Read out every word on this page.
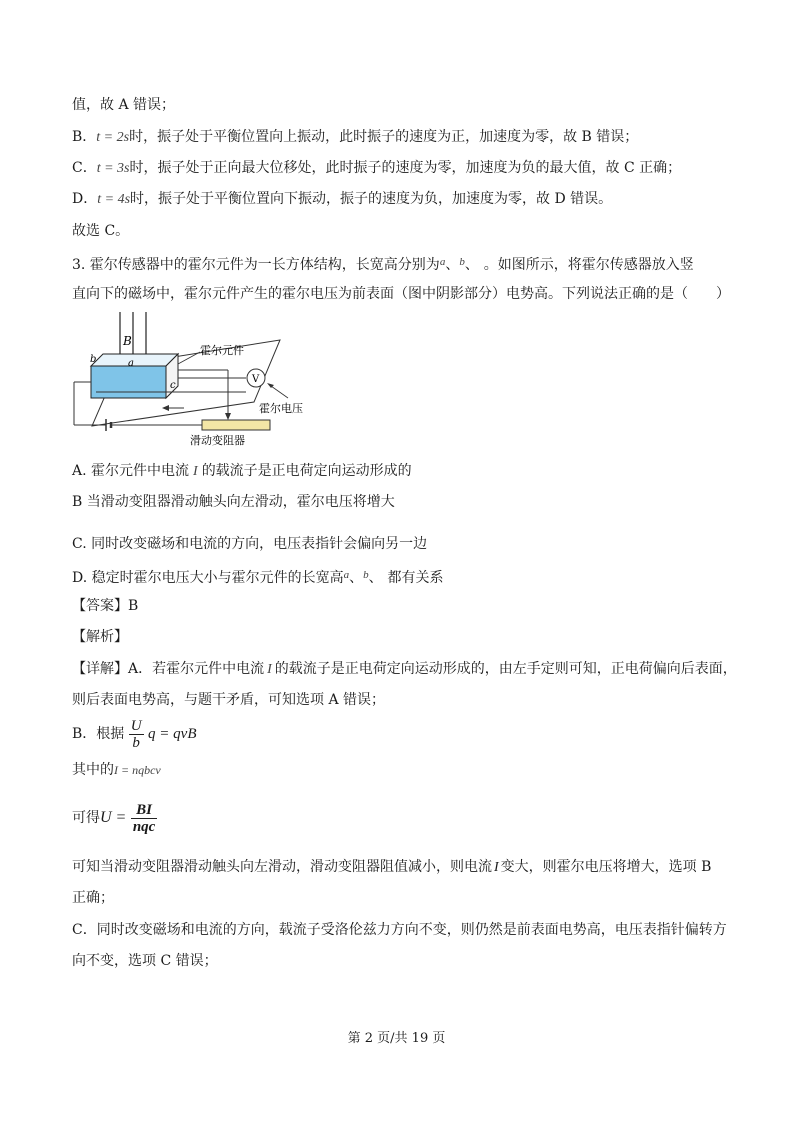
值，故 A 错误；
B．t = 2s时，振子处于平衡位置向上振动，此时振子的速度为正，加速度为零，故 B 错误；
C．t = 3s时，振子处于正向最大位移处，此时振子的速度为零，加速度为负的最大值，故 C 正确；
D．t = 4s时，振子处于平衡位置向下振动，振子的速度为负，加速度为零，故 D 错误。
故选 C。
3. 霍尔传感器中的霍尔元件为一长方体结构，长宽高分别为$^a$、$^b$、$^c$。如图所示，将霍尔传感器放入竖
直向下的磁场中，霍尔元件产生的霍尔电压为前表面（图中阴影部分）电势高。下列说法正确的是（　　）
B
a
b
c
霍尔元件
V
霍尔电压
滑动变阻器
A. 霍尔元件中电流 I 的载流子是正电荷定向运动形成的
B 当滑动变阻器滑动触头向左滑动，霍尔电压将增大
C. 同时改变磁场和电流的方向，电压表指针会偏向另一边
D. 稳定时霍尔电压大小与霍尔元件的长宽高$^a$、$^b$、$^c$都有关系
【答案】B
【解析】
【详解】A．若霍尔元件中电流 I 的载流子是正电荷定向运动形成的，由左手定则可知，正电荷偏向后表面，
则后表面电势高，与题干矛盾，可知选项 A 错误；
B．根据 $\frac{U}{b}$ q = qvB
其中的I = nqbcv
可得$U = \frac{BI}{\text{nqc}}$
可知当滑动变阻器滑动触头向左滑动，滑动变阻器阻值减小，则电流 I 变大，则霍尔电压将增大，选项 B
正确；
C．同时改变磁场和电流的方向，载流子受洛伦兹力方向不变，则仍然是前表面电势高，电压表指针偏转方
向不变，选项 C 错误；
第 2 页/共 19 页
